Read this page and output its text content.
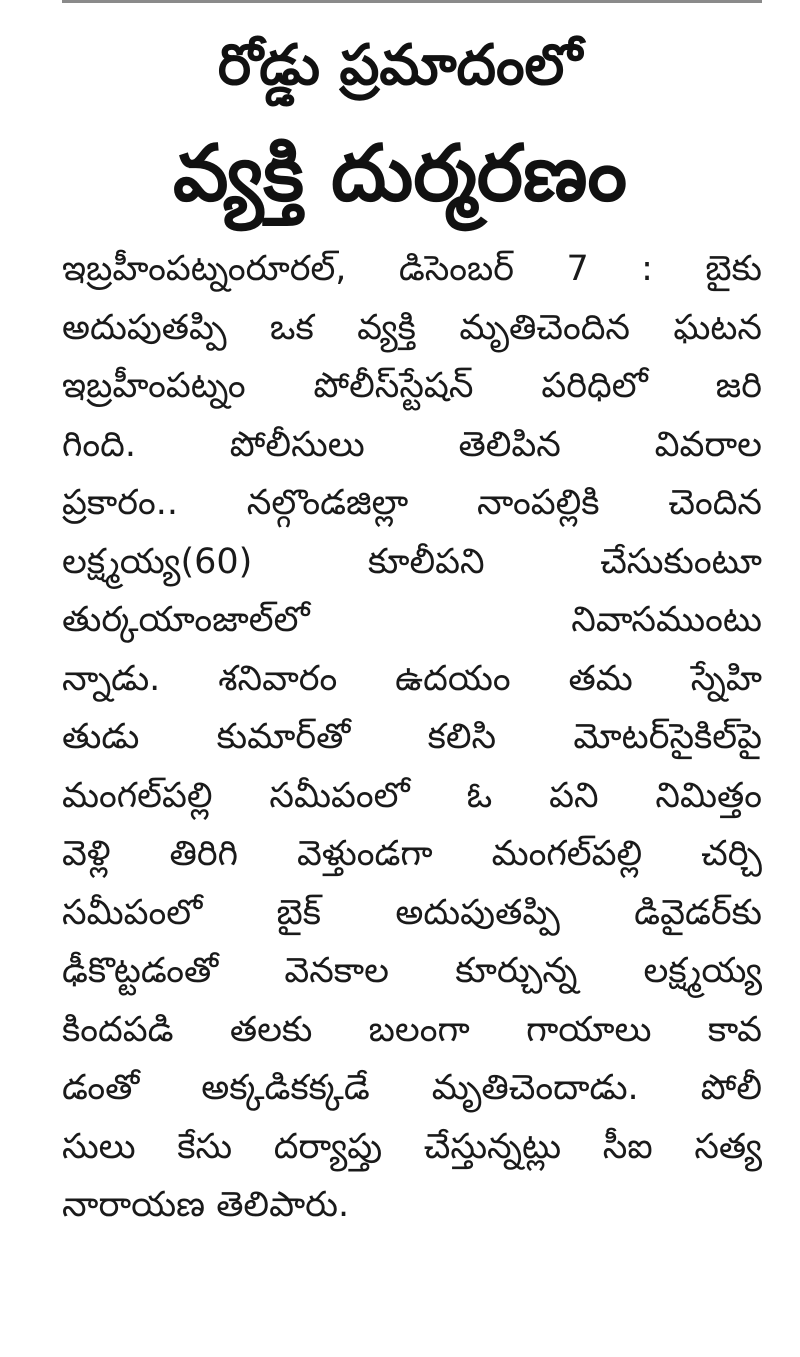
రోడ్డు ప్రమాదంలో
వ్యక్తి దుర్మరణం
ఇబ్రహీంపట్నంరూరల్, డిసెంబర్ 7 : బైకు
అదుపుతప్పి ఒక వ్యక్తి మృతిచెందిన ఘటన
ఇబ్రహీంపట్నం పోలీస్‌స్టేషన్ పరిధిలో జరి
గింది. పోలీసులు తెలిపిన వివరాల
ప్రకారం.. నల్గొండజిల్లా నాంపల్లికి చెందిన
లక్ష్మయ్య(60) కూలీపని చేసుకుంటూ
తుర్కయాంజాల్‌లో నివాసముంటు
న్నాడు. శనివారం ఉదయం తమ స్నేహి
తుడు కుమార్‌తో కలిసి మోటర్‌సైకిల్‌పై
మంగల్‌పల్లి సమీపంలో ఓ పని నిమిత్తం
వెళ్లి తిరిగి వెళ్తుండగా మంగల్‌పల్లి చర్చి
సమీపంలో బైక్ అదుపుతప్పి డివైడర్‌కు
ఢీకొట్టడంతో వెనకాల కూర్చున్న లక్ష్మయ్య
కిందపడి తలకు బలంగా గాయాలు కావ
డంతో అక్కడికక్కడే మృతిచెందాడు. పోలీ
సులు కేసు దర్యాప్తు చేస్తున్నట్లు సీఐ సత్య
నారాయణ తెలిపారు.
